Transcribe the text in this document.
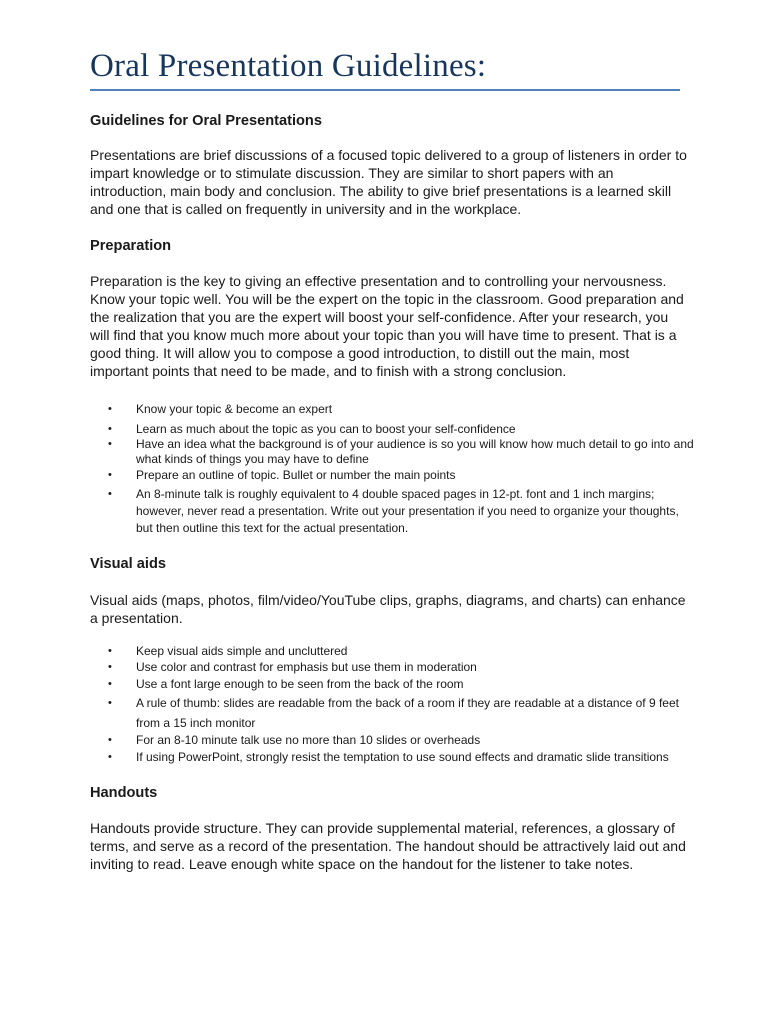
Oral Presentation Guidelines:
Guidelines for Oral Presentations

Presentations are brief discussions of a focused topic delivered to a group of listeners in order to impart knowledge or to stimulate discussion. They are similar to short papers with an introduction, main body and conclusion. The ability to give brief presentations is a learned skill and one that is called on frequently in university and in the workplace.

Preparation

Preparation is the key to giving an effective presentation and to controlling your nervousness. Know your topic well. You will be the expert on the topic in the classroom. Good preparation and the realization that you are the expert will boost your self-confidence. After your research, you will find that you know much more about your topic than you will have time to present. That is a good thing. It will allow you to compose a good introduction, to distill out the main, most important points that need to be made, and to finish with a strong conclusion.

• Know your topic & become an expert
• Learn as much about the topic as you can to boost your self-confidence
• Have an idea what the background is of your audience is so you will know how much detail to go into and what kinds of things you may have to define
• Prepare an outline of topic. Bullet or number the main points
• An 8-minute talk is roughly equivalent to 4 double spaced pages in 12-pt. font and 1 inch margins; however, never read a presentation. Write out your presentation if you need to organize your thoughts, but then outline this text for the actual presentation.
Visual aids

Visual aids (maps, photos, film/video/YouTube clips, graphs, diagrams, and charts) can enhance a presentation.

• Keep visual aids simple and uncluttered
• Use color and contrast for emphasis but use them in moderation
• Use a font large enough to be seen from the back of the room
• A rule of thumb: slides are readable from the back of a room if they are readable at a distance of 9 feet from a 15 inch monitor
• For an 8-10 minute talk use no more than 10 slides or overheads
• If using PowerPoint, strongly resist the temptation to use sound effects and dramatic slide transitions
Handouts

Handouts provide structure. They can provide supplemental material, references, a glossary of terms, and serve as a record of the presentation. The handout should be attractively laid out and inviting to read. Leave enough white space on the handout for the listener to take notes.
